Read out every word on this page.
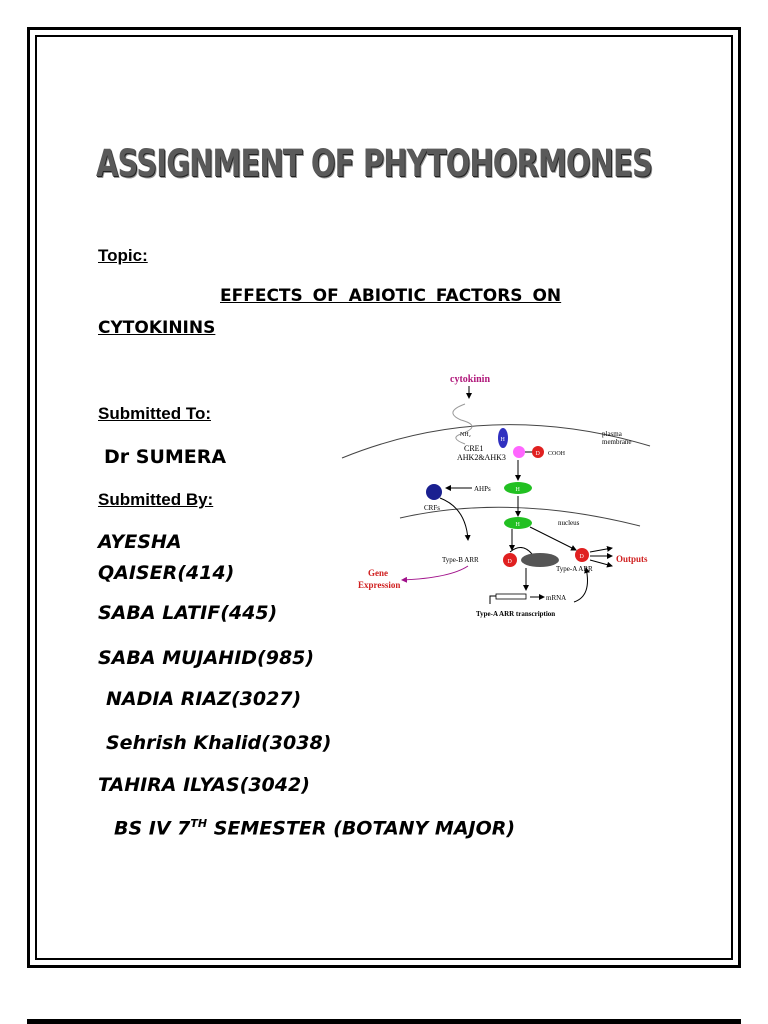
ASSIGNMENT OF PHYTOHORMONES
Topic:
EFFECTS OF ABIOTIC FACTORS ON
CYTOKININS
Submitted To:
Dr SUMERA
Submitted By:
AYESHA
QAISER(414)
SABA LATIF(445)
SABA MUJAHID(985)
NADIA RIAZ(3027)
Sehrish Khalid(3038)
TAHIRA ILYAS(3042)
BS IV 7TH SEMESTER (BOTANY MAJOR)
cytokinin
plasma
membrane
NH₂
H
CRE1
AHK2&AHK3	D COOH
H
AHPs
CRFs
nucleus
H
Type-B ARR	D
Gene
Expression
D	Outputs
Type-A ARR
mRNA
Type-A ARR transcription
